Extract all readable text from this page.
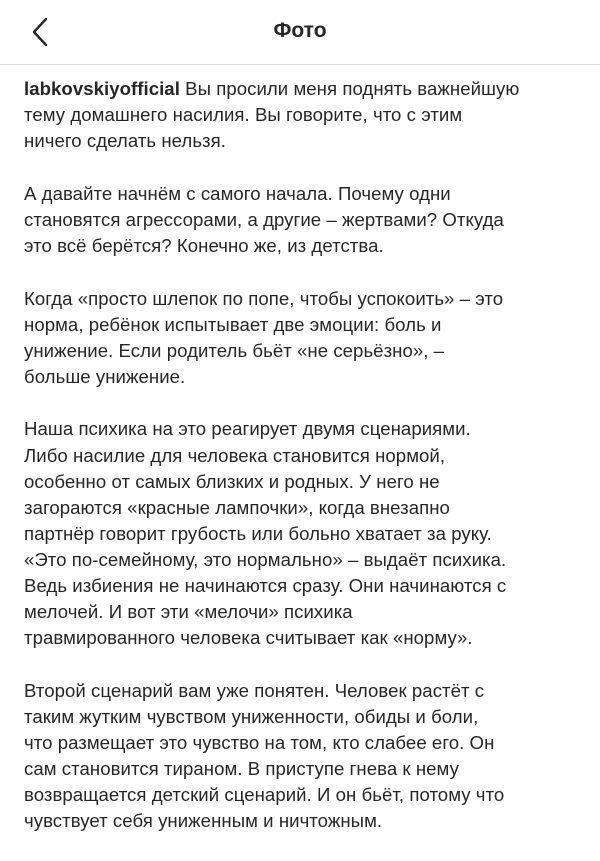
Фото

labkovskiyofficial Вы просили меня поднять важнейшую
тему домашнего насилия. Вы говорите, что с этим
ничего сделать нельзя.

А давайте начнём с самого начала. Почему одни
становятся агрессорами, а другие – жертвами? Откуда
это всё берётся? Конечно же, из детства.

Когда «просто шлепок по попе, чтобы успокоить» – это
норма, ребёнок испытывает две эмоции: боль и
унижение. Если родитель бьёт «не серьёзно», –
больше унижение.

Наша психика на это реагирует двумя сценариями.
Либо насилие для человека становится нормой,
особенно от самых близких и родных. У него не
загораются «красные лампочки», когда внезапно
партнёр говорит грубость или больно хватает за руку.
«Это по-семейному, это нормально» – выдаёт психика.
Ведь избиения не начинаются сразу. Они начинаются с
мелочей. И вот эти «мелочи» психика
травмированного человека считывает как «норму».

Второй сценарий вам уже понятен. Человек растёт с
таким жутким чувством униженности, обиды и боли,
что размещает это чувство на том, кто слабее его. Он
сам становится тираном. В приступе гнева к нему
возвращается детский сценарий. И он бьёт, потому что
чувствует себя униженным и ничтожным.
